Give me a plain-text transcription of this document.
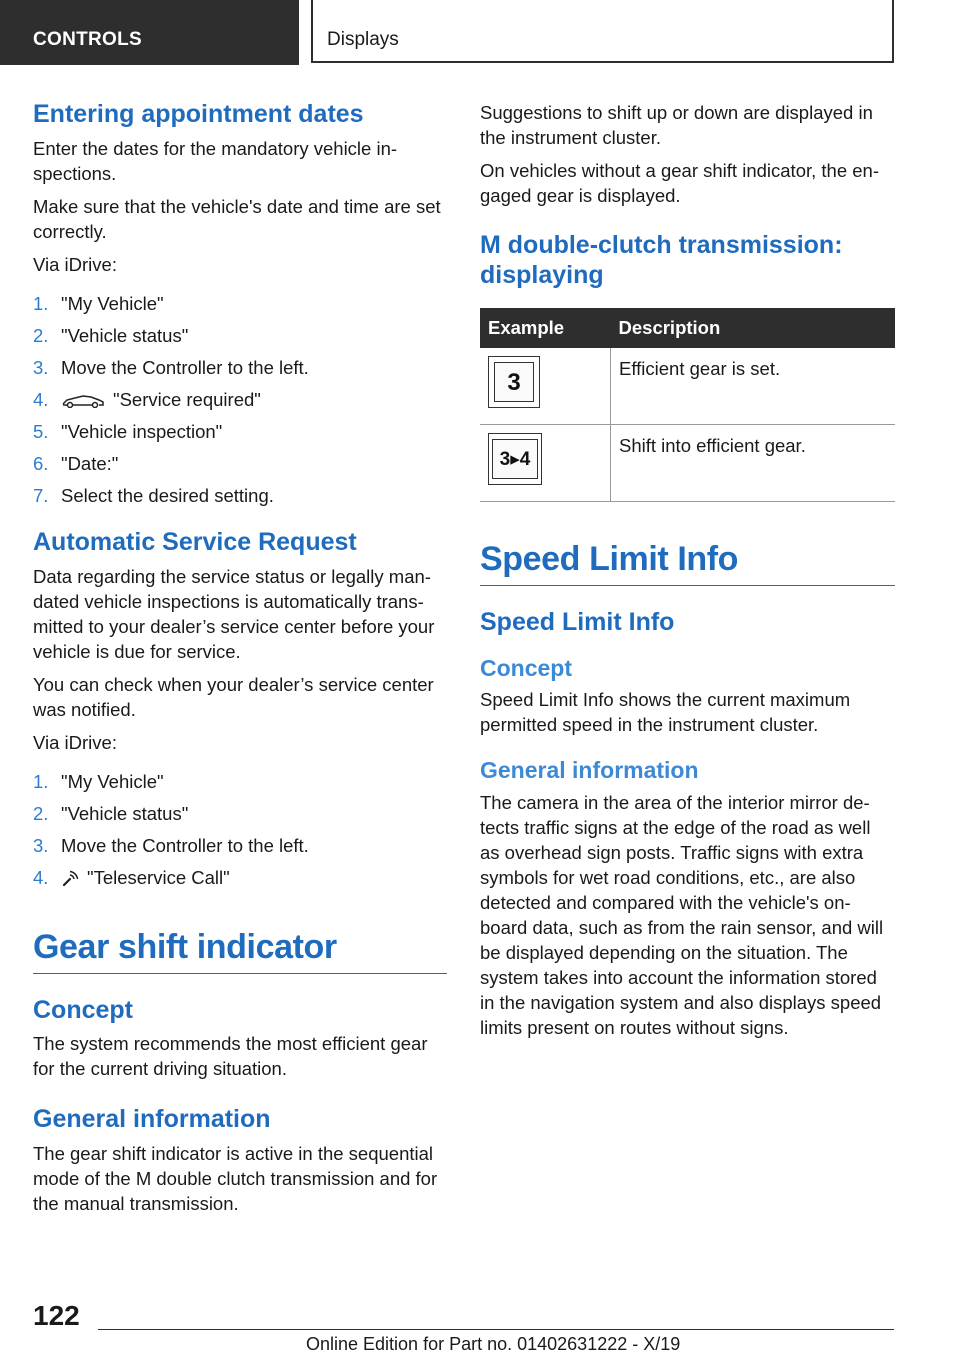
CONTROLS	Displays
Entering appointment dates

Enter the dates for the mandatory vehicle in-spections.

Make sure that the vehicle's date and time are set correctly.

Via iDrive:

1. "My Vehicle"
2. "Vehicle status"
3. Move the Controller to the left.
4.	"Service required"
5. "Vehicle inspection"
6. "Date:"
7. Select the desired setting.
Automatic Service Request

Data regarding the service status or legally man-dated vehicle inspections is automatically trans-mitted to your dealer’s service center before your vehicle is due for service.

You can check when your dealer’s service center was notified.

Via iDrive:

1. "My Vehicle"
2. "Vehicle status"
3. Move the Controller to the left.
4. "Teleservice Call"
Gear shift indicator
Concept

The system recommends the most efficient gear for the current driving situation.

General information

The gear shift indicator is active in the sequential mode of the M double clutch transmission and for the manual transmission.

Suggestions to shift up or down are displayed in the instrument cluster.

On vehicles without a gear shift indicator, the en-gaged gear is displayed.

M double-clutch transmission: displaying
Example	Description

3	Efficient gear is set.

3▸4	Shift into efficient gear.
Speed Limit Info
Speed Limit Info
Concept

Speed Limit Info shows the current maximum permitted speed in the instrument cluster.

General information

The camera in the area of the interior mirror de-tects traffic signs at the edge of the road as well as overhead sign posts. Traffic signs with extra symbols for wet road conditions, etc., are also detected and compared with the vehicle's on-board data, such as from the rain sensor, and will be displayed depending on the situation. The system takes into account the information stored in the navigation system and also displays speed limits present on routes without signs.

122
Online Edition for Part no. 01402631222 - X/19
